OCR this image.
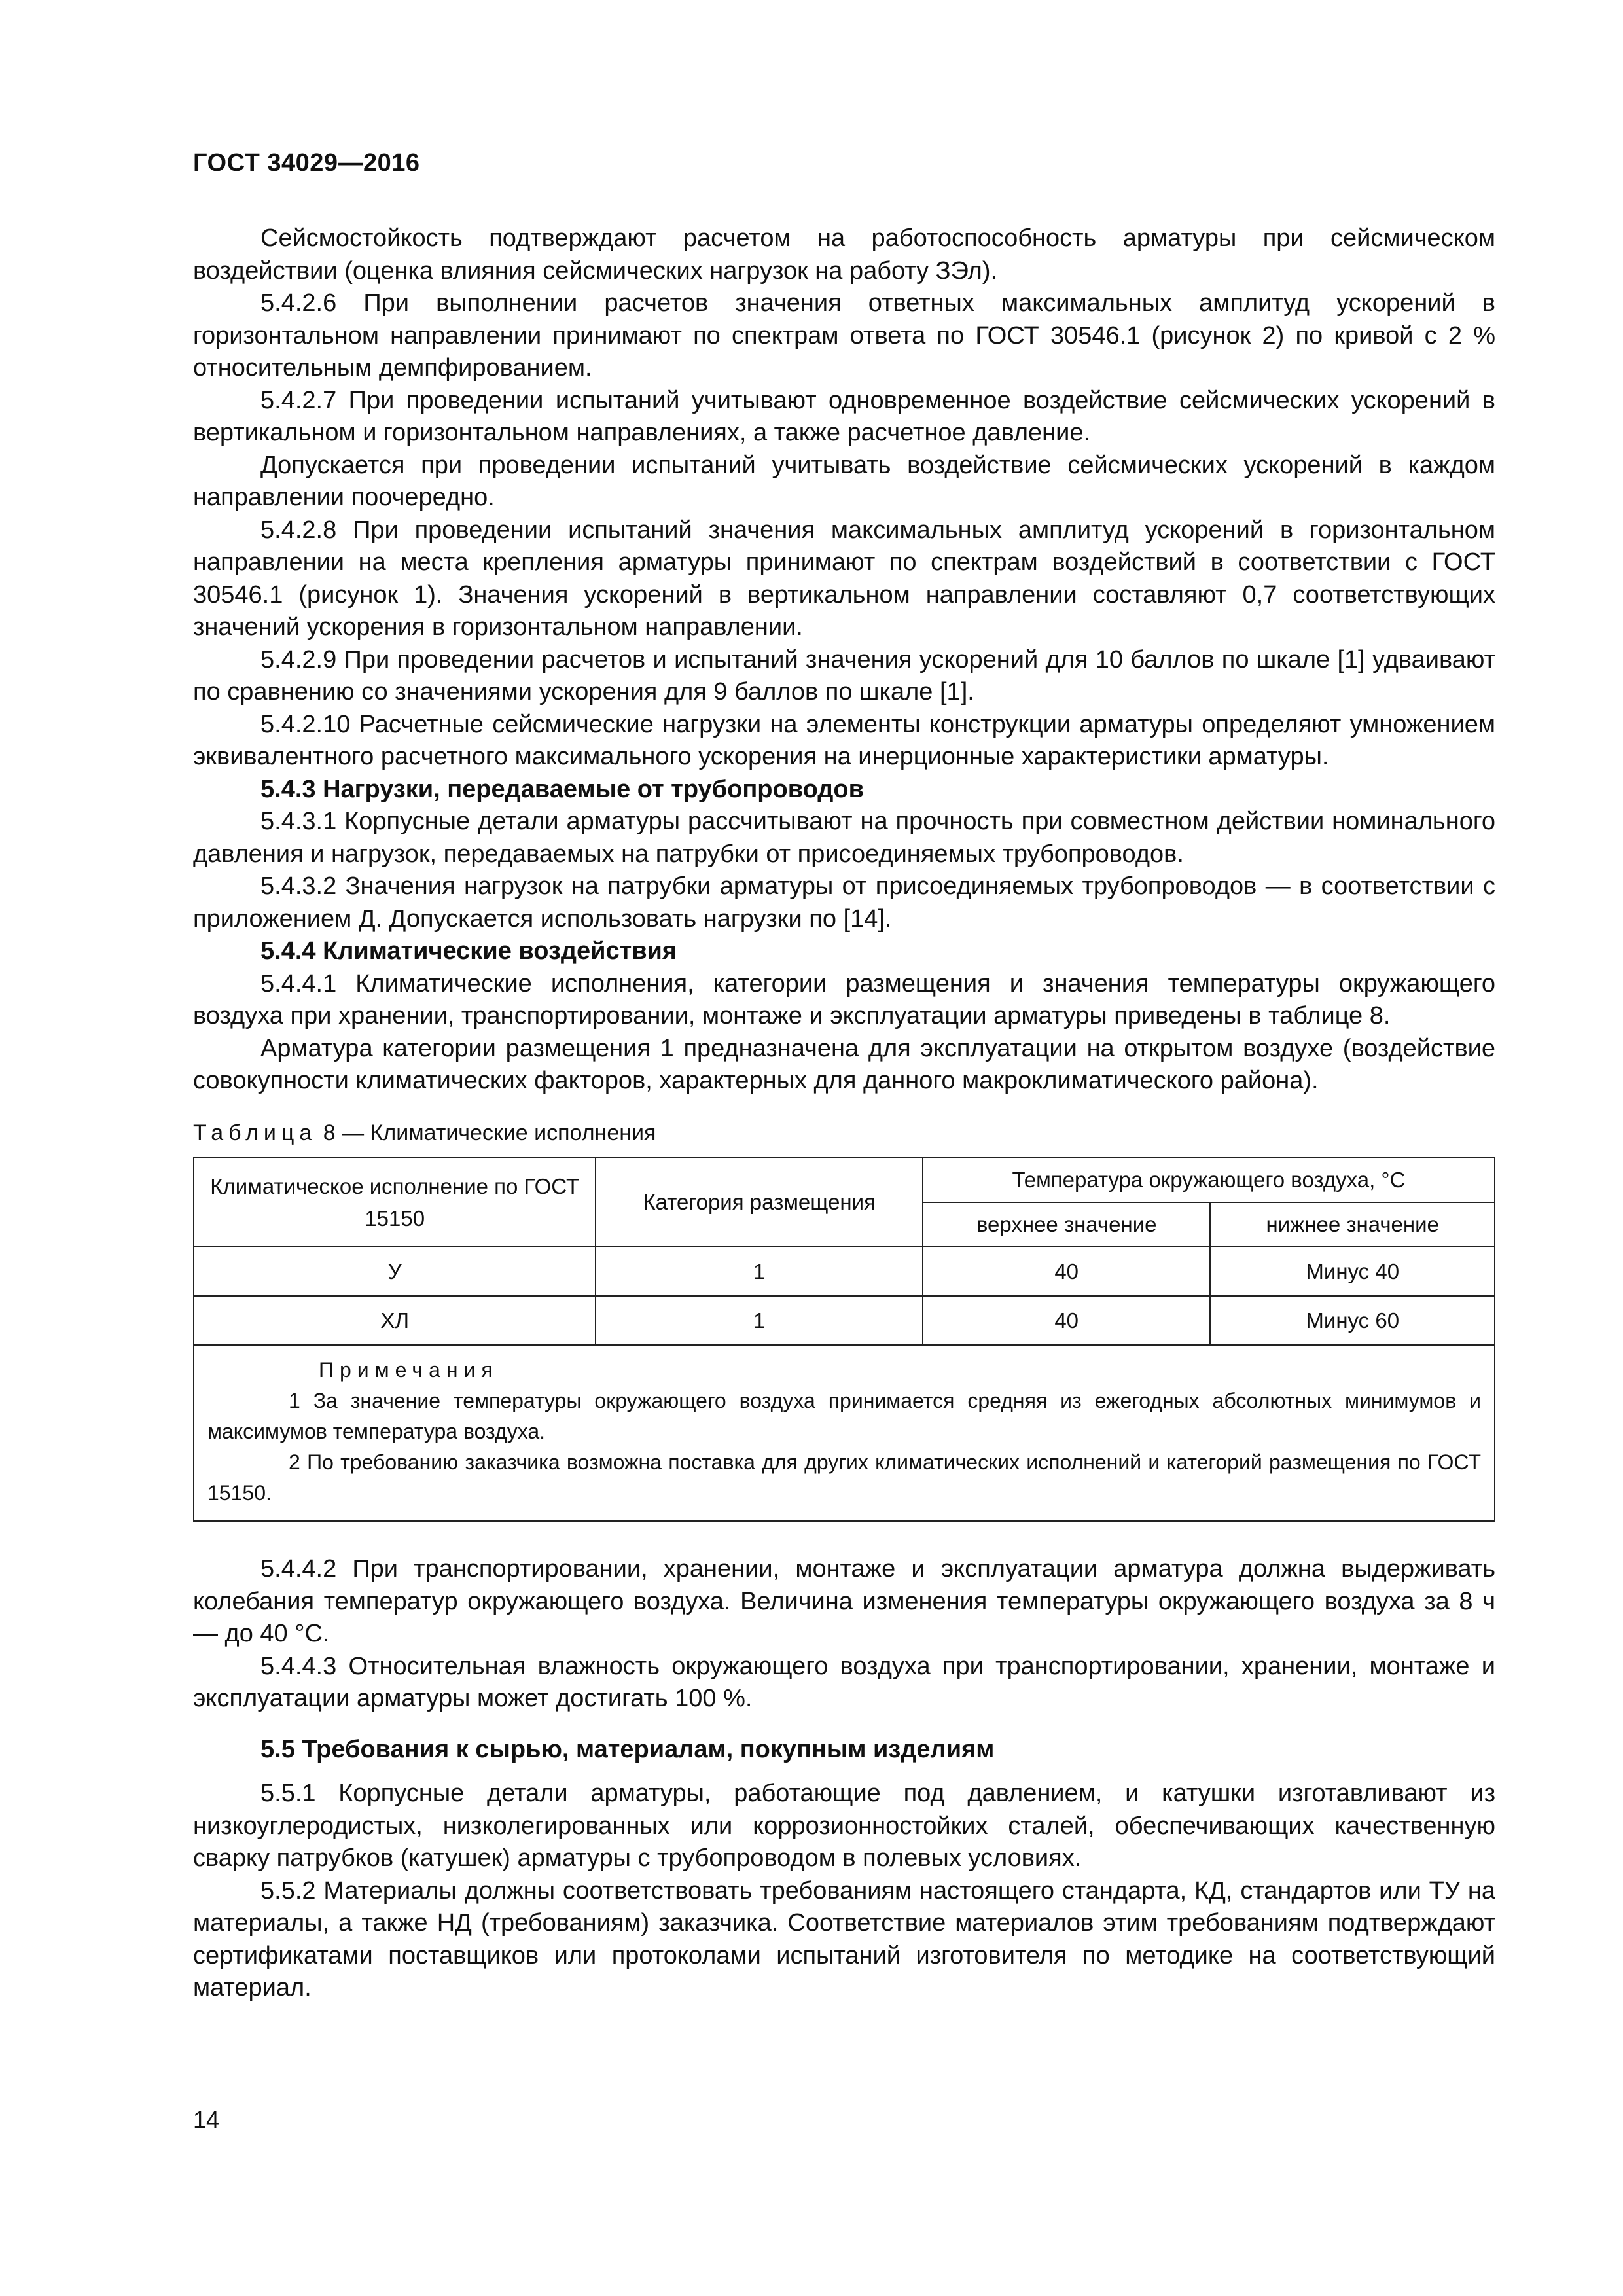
ГОСТ 34029—2016

Сейсмостойкость подтверждают расчетом на работоспособность арматуры при сейсмическом воздействии (оценка влияния сейсмических нагрузок на работу ЗЭл).

5.4.2.6 При выполнении расчетов значения ответных максимальных амплитуд ускорений в горизонтальном направлении принимают по спектрам ответа по ГОСТ 30546.1 (рисунок 2) по кривой с 2 % относительным демпфированием.

5.4.2.7 При проведении испытаний учитывают одновременное воздействие сейсмических ускорений в вертикальном и горизонтальном направлениях, а также расчетное давление.

Допускается при проведении испытаний учитывать воздействие сейсмических ускорений в каждом направлении поочередно.

5.4.2.8 При проведении испытаний значения максимальных амплитуд ускорений в горизонтальном направлении на места крепления арматуры принимают по спектрам воздействий в соответствии с ГОСТ 30546.1 (рисунок 1). Значения ускорений в вертикальном направлении составляют 0,7 соответствующих значений ускорения в горизонтальном направлении.

5.4.2.9 При проведении расчетов и испытаний значения ускорений для 10 баллов по шкале [1] удваивают по сравнению со значениями ускорения для 9 баллов по шкале [1].

5.4.2.10 Расчетные сейсмические нагрузки на элементы конструкции арматуры определяют умножением эквивалентного расчетного максимального ускорения на инерционные характеристики арматуры.

5.4.3 Нагрузки, передаваемые от трубопроводов

5.4.3.1 Корпусные детали арматуры рассчитывают на прочность при совместном действии номинального давления и нагрузок, передаваемых на патрубки от присоединяемых трубопроводов.

5.4.3.2 Значения нагрузок на патрубки арматуры от присоединяемых трубопроводов — в соответствии с приложением Д. Допускается использовать нагрузки по [14].

5.4.4 Климатические воздействия

5.4.4.1 Климатические исполнения, категории размещения и значения температуры окружающего воздуха при хранении, транспортировании, монтаже и эксплуатации арматуры приведены в таблице 8.

Арматура категории размещения 1 предназначена для эксплуатации на открытом воздухе (воздействие совокупности климатических факторов, характерных для данного макроклиматического района).

Таблица 8 — Климатические исполнения
Климатическое исполнение по ГОСТ 15150	Категория размещения	Температура окружающего воздуха, °С	
		верхнее значение	нижнее значение
У	1	40	Минус 40
ХЛ	1	40	Минус 60

Примечания
1 За значение температуры окружающего воздуха принимается средняя из ежегодных абсолютных минимумов и максимумов температура воздуха.
2 По требованию заказчика возможна поставка для других климатических исполнений и категорий размещения по ГОСТ 15150.			

5.4.4.2 При транспортировании, хранении, монтаже и эксплуатации арматура должна выдерживать колебания температур окружающего воздуха. Величина изменения температуры окружающего воздуха за 8 ч — до 40 °С.

5.4.4.3 Относительная влажность окружающего воздуха при транспортировании, хранении, монтаже и эксплуатации арматуры может достигать 100 %.

5.5 Требования к сырью, материалам, покупным изделиям

5.5.1 Корпусные детали арматуры, работающие под давлением, и катушки изготавливают из низкоуглеродистых, низколегированных или коррозионностойких сталей, обеспечивающих качественную сварку патрубков (катушек) арматуры с трубопроводом в полевых условиях.

5.5.2 Материалы должны соответствовать требованиям настоящего стандарта, КД, стандартов или ТУ на материалы, а также НД (требованиям) заказчика. Соответствие материалов этим требованиям подтверждают сертификатами поставщиков или протоколами испытаний изготовителя по методике на соответствующий материал.

14
